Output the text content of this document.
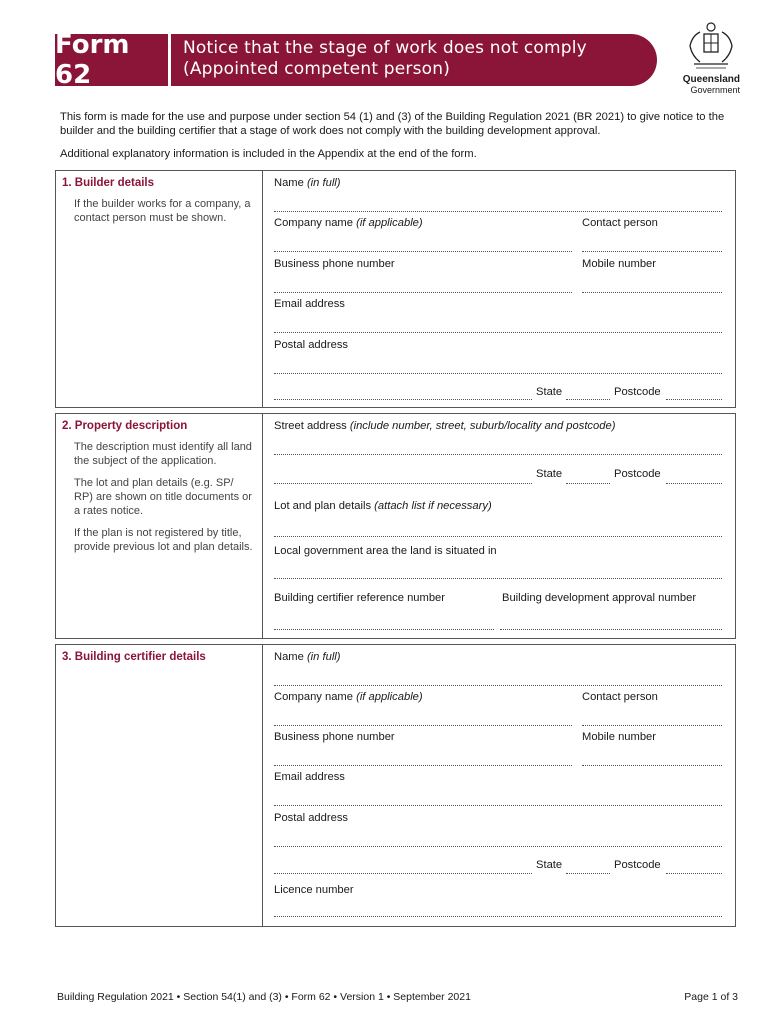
Form 62
Notice that the stage of work does not comply
(Appointed competent person)
Queensland
Government

This form is made for the use and purpose under section 54 (1) and (3) of the Building Regulation 2021 (BR 2021) to give notice to the builder and the building certifier that a stage of work does not comply with the building development approval.

Additional explanatory information is included in the Appendix at the end of the form.

1. Builder details
If the builder works for a company, a contact person must be shown.
Name (in full)
Company name (if applicable)	Contact person
Business phone number	Mobile number
Email address
Postal address
State	Postcode
2. Property description
The description must identify all land the subject of the application.
The lot and plan details (e.g. SP/ RP) are shown on title documents or a rates notice.
If the plan is not registered by title, provide previous lot and plan details.
Street address (include number, street, suburb/locality and postcode)
State	Postcode
Lot and plan details (attach list if necessary)
Local government area the land is situated in
Building certifier reference number	Building development approval number
3. Building certifier details	Name (in full)
Company name (if applicable)	Contact person
Business phone number	Mobile number
Email address
Postal address
State	Postcode
Licence number
Building Regulation 2021 • Section 54(1) and (3) • Form 62 • Version 1 • September 2021	Page 1 of 3
